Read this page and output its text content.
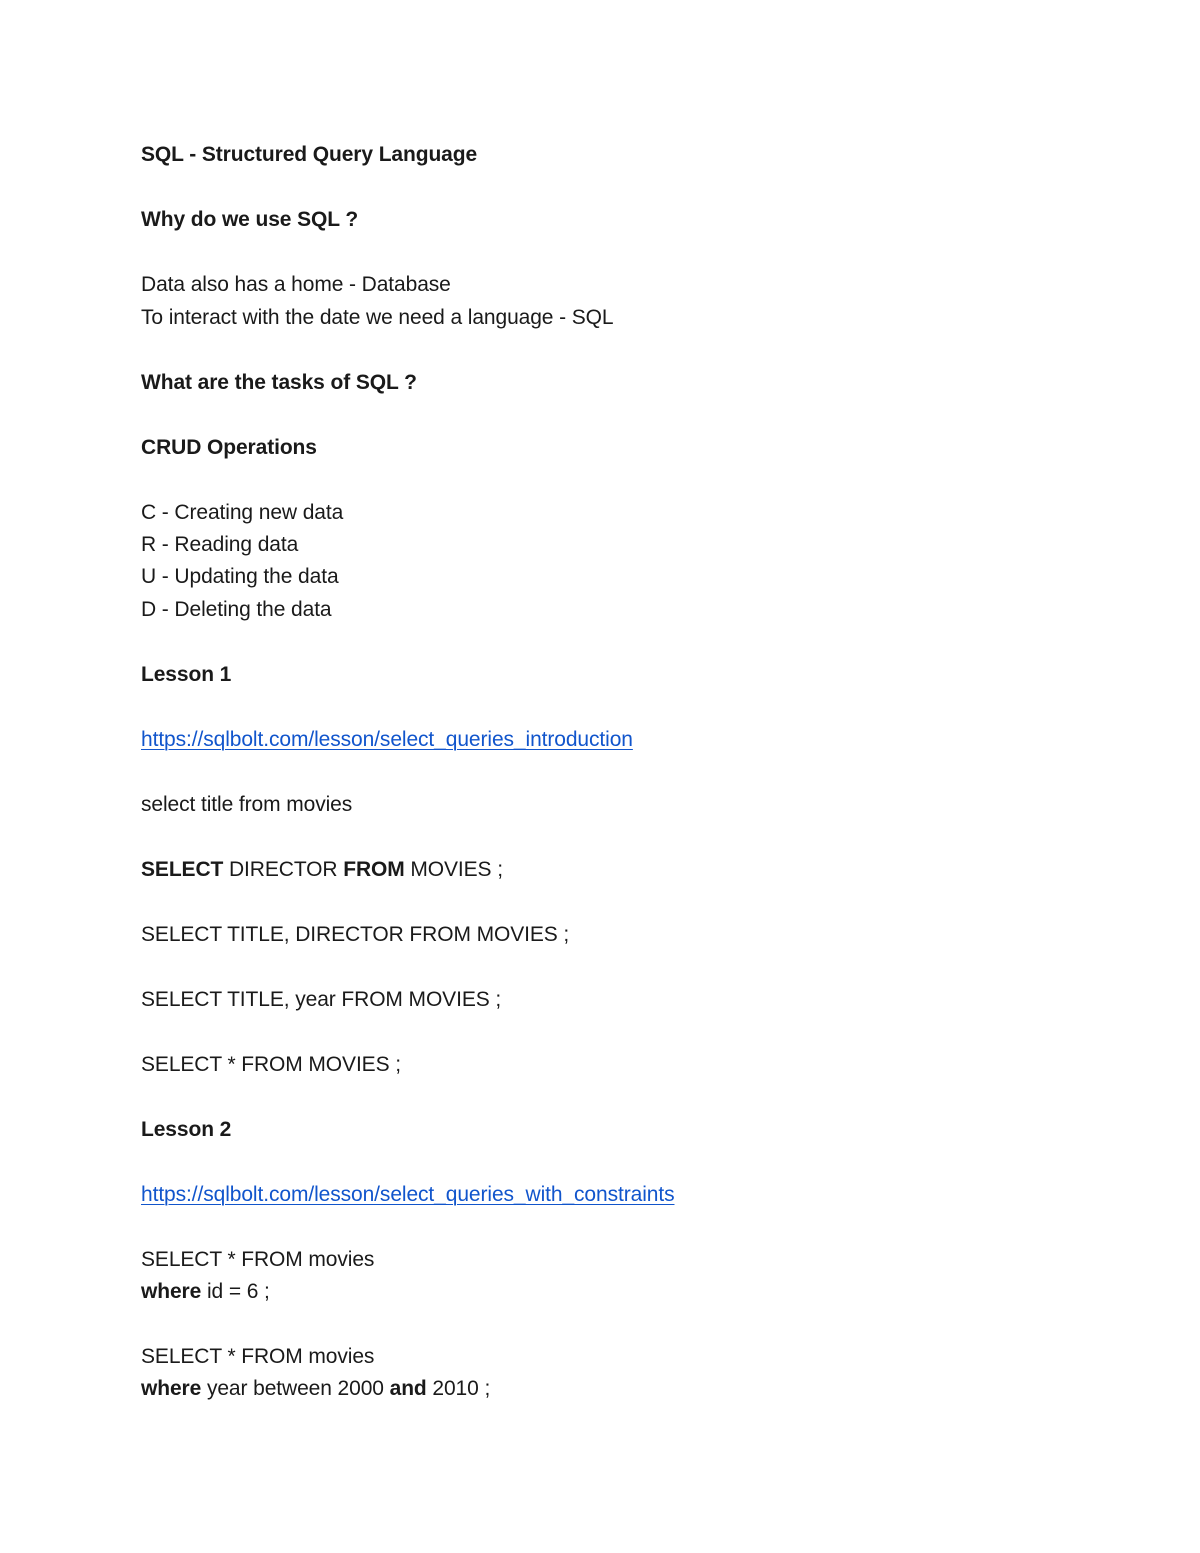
SQL - Structured Query Language
Why do we use SQL ?
Data also has a home - Database
To interact with the date we need a language - SQL
What are the tasks of SQL ?
CRUD Operations
C - Creating new data
R - Reading data
U - Updating the data
D - Deleting the data
Lesson 1
https://sqlbolt.com/lesson/select_queries_introduction
select title from movies
SELECT DIRECTOR FROM MOVIES ;
SELECT TITLE, DIRECTOR FROM MOVIES ;
SELECT TITLE, year FROM MOVIES ;
SELECT * FROM MOVIES ;
Lesson 2
https://sqlbolt.com/lesson/select_queries_with_constraints
SELECT * FROM movies
where id = 6 ;
SELECT * FROM movies
where year between 2000 and 2010 ;
